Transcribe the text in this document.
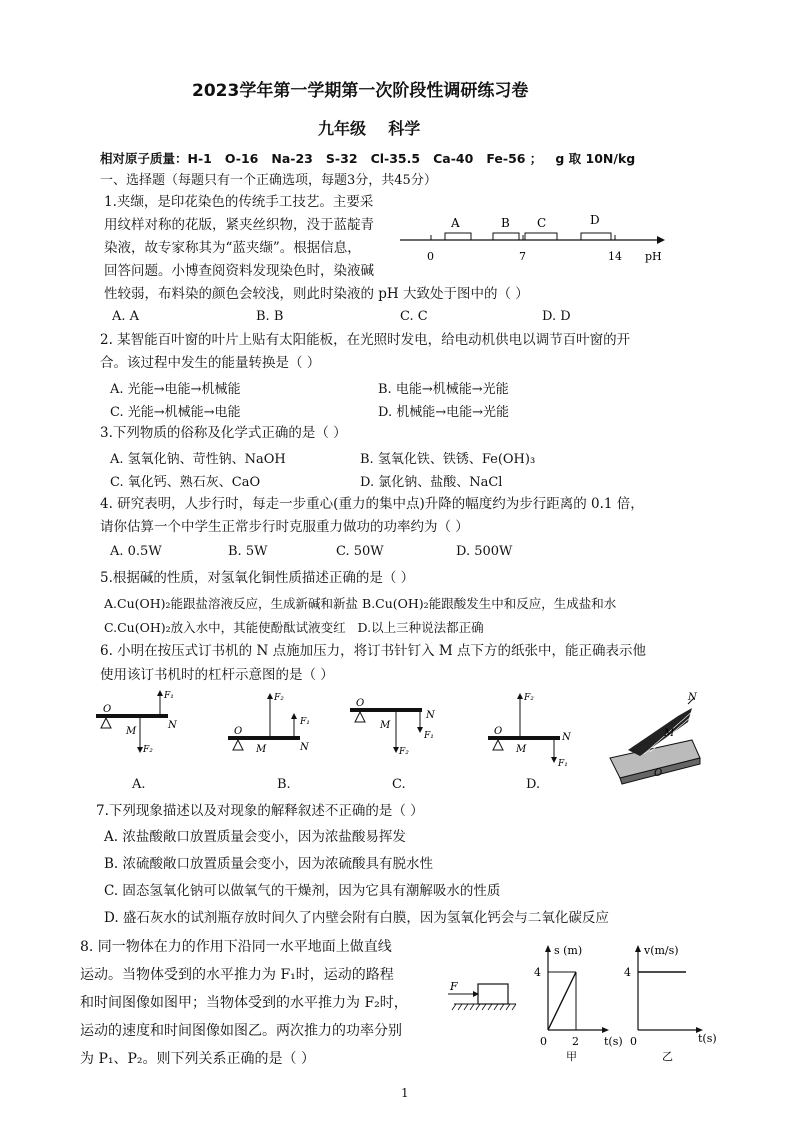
2023学年第一学期第一次阶段性调研练习卷
九年级    科学
相对原子质量：H-1   O-16   Na-23   S-32   Cl-35.5   Ca-40   Fe-56 ；   g 取 10N/kg
一、选择题（每题只有一个正确选项，每题3分，共45分）
1.夹缬，是印花染色的传统手工技艺。主要采
用纹样对称的花版，紧夹丝织物，没于蓝靛青
染液，故专家称其为“蓝夹缬”。根据信息，
回答问题。小博查阅资料发现染色时，染液碱
性较弱，布料染的颜色会较浅，则此时染液的 pH 大致处于图中的（ ）
A. A	B. B	C. C	D. D
A	B C	D
0	7	14 pH
2. 某智能百叶窗的叶片上贴有太阳能板，在光照时发电，给电动机供电以调节百叶窗的开
合。该过程中发生的能量转换是（ ）
A. 光能→电能→机械能	B. 电能→机械能→光能
C. 光能→机械能→电能	D. 机械能→电能→光能
3.下列物质的俗称及化学式正确的是（ ）
A. 氢氧化钠、苛性钠、NaOH	B. 氢氧化铁、铁锈、Fe(OH)₃
C. 氧化钙、熟石灰、CaO	D. 氯化钠、盐酸、NaCl
4. 研究表明，人步行时，每走一步重心(重力的集中点)升降的幅度约为步行距离的 0.1 倍，
请你估算一个中学生正常步行时克服重力做功的功率约为（ ）
A. 0.5W	B. 5W	C. 50W	D. 500W
5.根据碱的性质，对氢氧化铜性质描述正确的是（ ）
A.Cu(OH)₂能跟盐溶液反应，生成新碱和新盐 B.Cu(OH)₂能跟酸发生中和反应，生成盐和水
C.Cu(OH)₂放入水中，其能使酚酞试液变红   D.以上三种说法都正确
6. 小明在按压式订书机的 N 点施加压力，将订书针钉入 M 点下方的纸张中，能正确表示他
使用该订书机时的杠杆示意图的是（ ）
O
F₁
N
M
F₂
O
F₂
F₁
N
M
O
F₂
F₁
N
M
O
F₂
F₁
N
M
N
M
O
A.	B.	C.	D.
7.下列现象描述以及对现象的解释叙述不正确的是（ ）
A. 浓盐酸敞口放置质量会变小，因为浓盐酸易挥发
B. 浓硫酸敞口放置质量会变小，因为浓硫酸具有脱水性
C. 固态氢氧化钠可以做氧气的干燥剂，因为它具有潮解吸水的性质
D. 盛石灰水的试剂瓶存放时间久了内壁会附有白膜，因为氢氧化钙会与二氧化碳反应
8. 同一物体在力的作用下沿同一水平地面上做直线
运动。当物体受到的水平推力为 F₁时，运动的路程
和时间图像如图甲；当物体受到的水平推力为 F₂时，
运动的速度和时间图像如图乙。两次推力的功率分别
为 P₁、P₂。则下列关系正确的是（ ）
F
s (m)
4
2
0	t(s)
甲
v(m/s)
4
0	t(s)
乙
1
